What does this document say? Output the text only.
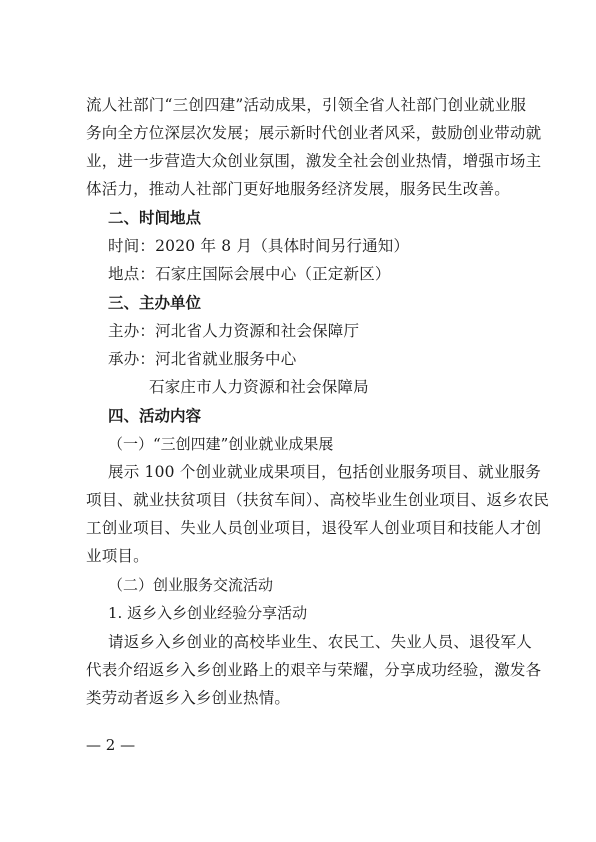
流人社部门“三创四建”活动成果，引领全省人社部门创业就业服
务向全方位深层次发展；展示新时代创业者风采，鼓励创业带动就
业，进一步营造大众创业氛围，激发全社会创业热情，增强市场主
体活力，推动人社部门更好地服务经济发展，服务民生改善。
二、时间地点
时间：2020 年 8 月（具体时间另行通知）
地点：石家庄国际会展中心（正定新区）
三、主办单位
主办：河北省人力资源和社会保障厅
承办：河北省就业服务中心
石家庄市人力资源和社会保障局
四、活动内容
（一）“三创四建”创业就业成果展
展示 100 个创业就业成果项目，包括创业服务项目、就业服务
项目、就业扶贫项目（扶贫车间）、高校毕业生创业项目、返乡农民
工创业项目、失业人员创业项目，退役军人创业项目和技能人才创
业项目。
（二）创业服务交流活动
1. 返乡入乡创业经验分享活动
请返乡入乡创业的高校毕业生、农民工、失业人员、退役军人
代表介绍返乡入乡创业路上的艰辛与荣耀，分享成功经验，激发各
类劳动者返乡入乡创业热情。
— 2 —
